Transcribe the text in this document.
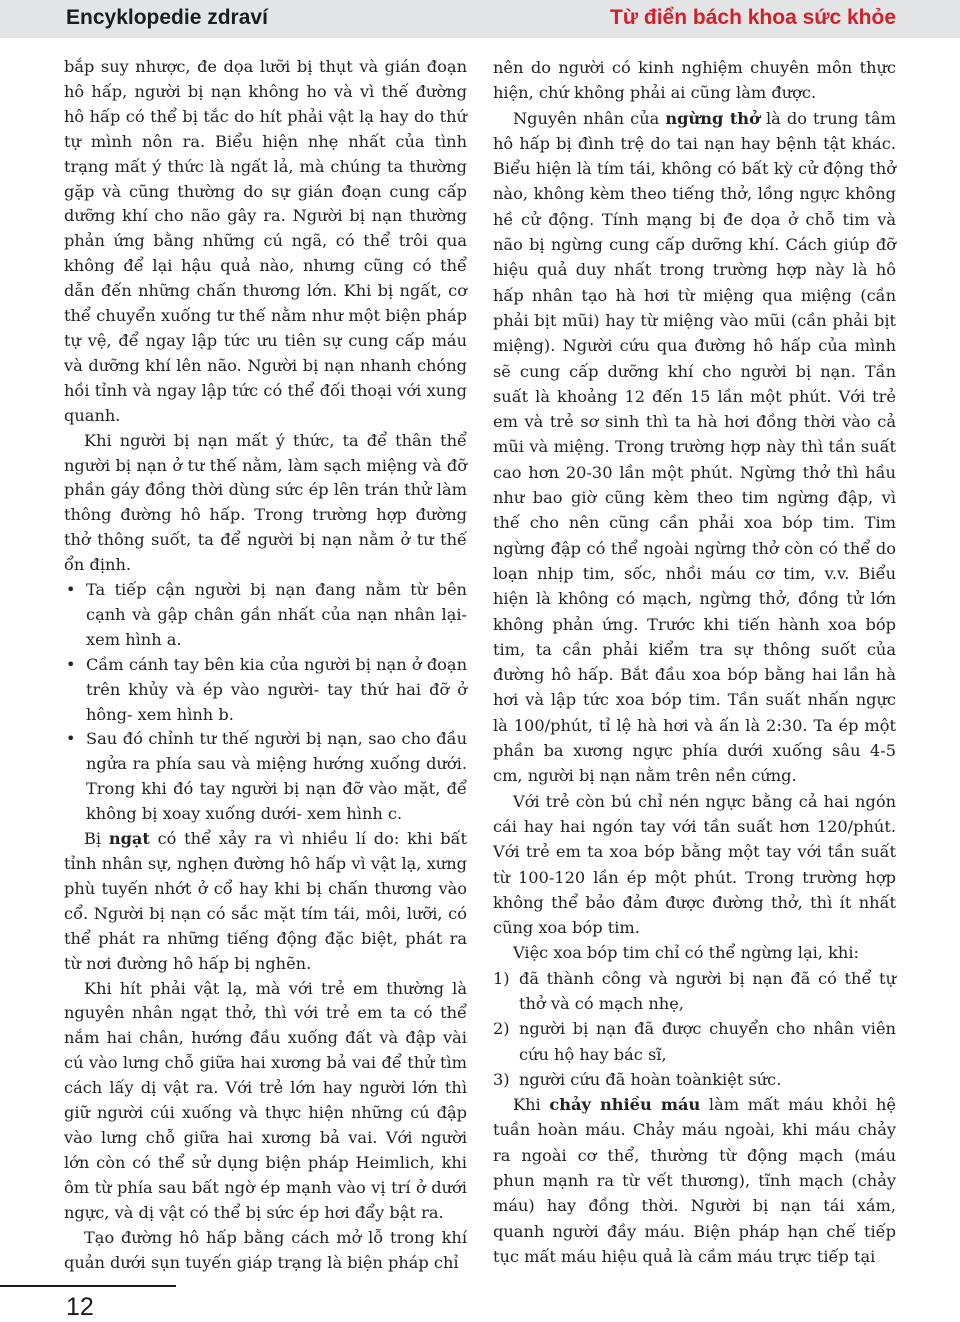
Encyklopedie zdraví	Từ điển bách khoa sức khỏe

bắp suy nhược, đe dọa lưỡi bị thụt và gián đoạn hô hấp, người bị nạn không ho và vì thế đường hô hấp có thể bị tắc do hít phải vật lạ hay do thứ tự mình nôn ra. Biểu hiện nhẹ nhất của tình trạng mất ý thức là ngất lả, mà chúng ta thường gặp và cũng thường do sự gián đoạn cung cấp dưỡng khí cho não gây ra. Người bị nạn thường phản ứng bằng những cú ngã, có thể trôi qua không để lại hậu quả nào, nhưng cũng có thể dẫn đến những chấn thương lớn. Khi bị ngất, cơ thể chuyển xuống tư thế nằm như một biện pháp tự vệ, để ngay lập tức ưu tiên sự cung cấp máu và dưỡng khí lên não. Người bị nạn nhanh chóng hồi tỉnh và ngay lập tức có thể đối thoại với xung quanh.

Khi người bị nạn mất ý thức, ta để thân thể người bị nạn ở tư thế nằm, làm sạch miệng và đỡ phần gáy đồng thời dùng sức ép lên trán thử làm thông đường hô hấp. Trong trường hợp đường thở thông suốt, ta để người bị nạn nằm ở tư thế ổn định.

• Ta tiếp cận người bị nạn đang nằm từ bên cạnh và gập chân gần nhất của nạn nhân lại- xem hình a.
• Cầm cánh tay bên kia của người bị nạn ở đoạn trên khủy và ép vào người- tay thứ hai đỡ ở hông- xem hình b.
• Sau đó chỉnh tư thế người bị nạn, sao cho đầu ngửa ra phía sau và miệng hướng xuống dưới. Trong khi đó tay người bị nạn đỡ vào mặt, để không bị xoay xuống dưới- xem hình c.

Bị ngạt có thể xảy ra vì nhiều lí do: khi bất tỉnh nhân sự, nghẹn đường hô hấp vì vật lạ, xưng phù tuyến nhớt ở cổ hay khi bị chấn thương vào cổ. Người bị nạn có sắc mặt tím tái, môi, lưỡi, có thể phát ra những tiếng động đặc biệt, phát ra từ nơi đường hô hấp bị nghẽn.

Khi hít phải vật lạ, mà với trẻ em thường là nguyên nhân ngạt thở, thì với trẻ em ta có thể nắm hai chân, hướng đầu xuống đất và đập vài cú vào lưng chỗ giữa hai xương bả vai để thử tìm cách lấy dị vật ra. Với trẻ lớn hay người lớn thì giữ người cúi xuống và thực hiện những cú đập vào lưng chỗ giữa hai xương bả vai. Với người lớn còn có thể sử dụng biện pháp Heimlich, khi ôm từ phía sau bất ngờ ép mạnh vào vị trí ở dưới ngực, và dị vật có thể bị sức ép hơi đẩy bật ra.

Tạo đường hô hấp bằng cách mở lỗ trong khí quản dưới sụn tuyến giáp trạng là biện pháp chỉ

nên do người có kinh nghiệm chuyên môn thực hiện, chứ không phải ai cũng làm được.

Nguyên nhân của ngừng thở là do trung tâm hô hấp bị đình trệ do tai nạn hay bệnh tật khác. Biểu hiện là tím tái, không có bất kỳ cử động thở nào, không kèm theo tiếng thở, lồng ngực không hề cử động. Tính mạng bị đe dọa ở chỗ tim và não bị ngừng cung cấp dưỡng khí. Cách giúp đỡ hiệu quả duy nhất trong trường hợp này là hô hấp nhân tạo hà hơi từ miệng qua miệng (cần phải bịt mũi) hay từ miệng vào mũi (cần phải bịt miệng). Người cứu qua đường hô hấp của mình sẽ cung cấp dưỡng khí cho người bị nạn. Tần suất là khoảng 12 đến 15 lần một phút. Với trẻ em và trẻ sơ sinh thì ta hà hơi đồng thời vào cả mũi và miệng. Trong trường hợp này thì tần suất cao hơn 20-30 lần một phút. Ngừng thở thì hầu như bao giờ cũng kèm theo tim ngừng đập, vì thế cho nên cũng cần phải xoa bóp tim. Tim ngừng đập có thể ngoài ngừng thở còn có thể do loạn nhịp tim, sốc, nhồi máu cơ tim, v.v. Biểu hiện là không có mạch, ngừng thở, đồng tử lớn không phản ứng. Trước khi tiến hành xoa bóp tim, ta cần phải kiểm tra sự thông suốt của đường hô hấp. Bắt đầu xoa bóp bằng hai lần hà hơi và lập tức xoa bóp tim. Tần suất nhấn ngực là 100/phút, tỉ lệ hà hơi và ấn là 2:30. Ta ép một phần ba xương ngực phía dưới xuống sâu 4-5 cm, người bị nạn nằm trên nền cứng.

Với trẻ còn bú chỉ nén ngực bằng cả hai ngón cái hay hai ngón tay với tần suất hơn 120/phút. Với trẻ em ta xoa bóp bằng một tay với tần suất từ 100-120 lần ép một phút. Trong trường hợp không thể bảo đảm được đường thở, thì ít nhất cũng xoa bóp tim.

Việc xoa bóp tim chỉ có thể ngừng lại, khi:

1) đã thành công và người bị nạn đã có thể tự thở và có mạch nhẹ,
2) người bị nạn đã được chuyển cho nhân viên cứu hộ hay bác sĩ,
3) người cứu đã hoàn toànkiệt sức.

Khi chảy nhiều máu làm mất máu khỏi hệ tuần hoàn máu. Chảy máu ngoài, khi máu chảy ra ngoài cơ thể, thường từ động mạch (máu phun mạnh ra từ vết thương), tĩnh mạch (chảy máu) hay đồng thời. Người bị nạn tái xám, quanh người đầy máu. Biện pháp hạn chế tiếp tục mất máu hiệu quả là cầm máu trực tiếp tại

12
